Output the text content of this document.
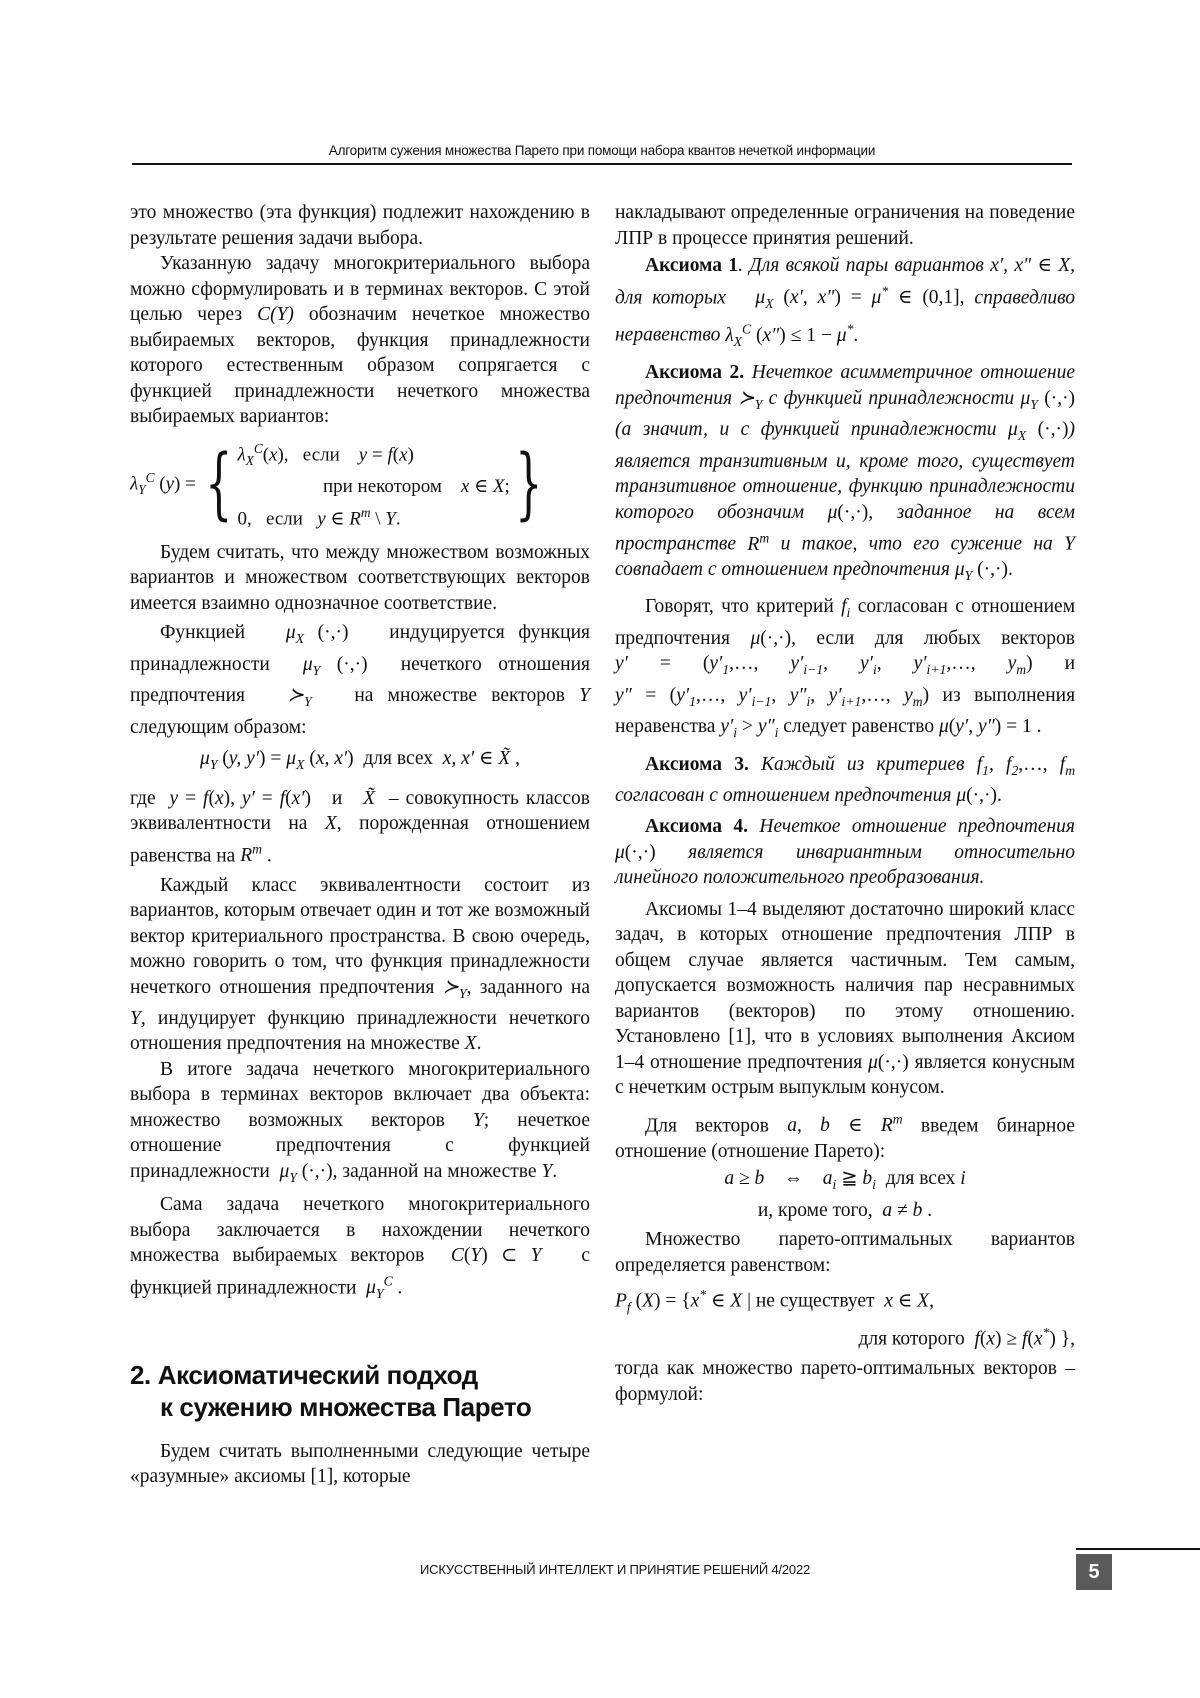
Алгоритм сужения множества Парето при помощи набора квантов нечеткой информации

это множество (эта функция) подлежит нахождению в результате решения задачи выбора.

Указанную задачу многокритериального выбора можно сформулировать и в терминах векторов. С этой целью через C(Y) обозначим нечеткое множество выбираемых векторов, функция принадлежности которого естественным образом сопрягается с функцией принадлежности нечеткого множества выбираемых вариантов:

$\lambda_Y^C$ (y) = { $\lambda_X^C(x)$,   если    y = f(x)
при некотором    x ∈ X;
0, если   y ∈ $R^m$ \ Y.	}

Будем считать, что между множеством возможных вариантов и множеством соответствующих векторов имеется взаимно однозначное соответствие.

Функцией $\mu_X$ (·,·) индуцируется функция принадлежности $\mu_Y$ (·,·) нечеткого отношения предпочтения $≻_Y$ на множестве векторов Y следующим образом:

$\mu_Y$ (y, $y') = \mu_X$ (x, x′) для всех  x, x′ ∈ X̃ ,

где y = f(x), y′ = f(x′) и X̃ – совокупность классов эквивалентности на X, порожденная отношением равенства на $R^m$ .

Каждый класс эквивалентности состоит из вариантов, которым отвечает один и тот же возможный вектор критериального пространства. В свою очередь, можно говорить о том, что функция принадлежности нечеткого отношения предпочтения $≻_Y$, заданного на Y, индуцирует функцию принадлежности нечеткого отношения предпочтения на множестве X.

В итоге задача нечеткого многокритериального выбора в терминах векторов включает два объекта: множество возможных векторов Y; нечеткое отношение предпочтения с функцией принадлежности $\mu_Y$ (·,·), заданной на множестве Y.

Сама задача нечеткого многокритериального выбора заключается в нахождении нечеткого множества выбираемых векторов C(Y) ⊂ Y с функцией принадлежности $\mu_Y^C$ .

2. Аксиоматический подход
к сужению множества Парето

Будем считать выполненными следующие четыре «разумные» аксиомы [1], которые

накладывают определенные ограничения на поведение ЛПР в процессе принятия решений.

Аксиома 1. Для всякой пары вариантов x′, x″ ∈ X, для которых $\mu_X$ (x′, x″) = μ* ∈ (0,1], справедливо неравенство $\lambda_X^C$ (x″) ≤ 1 − μ*.

Аксиома 2. Нечеткое асимметричное отношение предпочтения $≻_Y$ с функцией принадлежности $\mu_Y$ (·,·) (а значит, и с функцией принадлежности $\mu_X$ (·,·)) является транзитивным и, кроме того, существует транзитивное отношение, функцию принадлежности которого обозначим μ(·,·), заданное на всем пространстве $R^m$ и такое, что его сужение на Y совпадает с отношением предпочтения $\mu_Y$ (·,·).

Говорят, что критерий $f_i$ согласован с отношением предпочтения μ(·,·), если для любых векторов $y' = (y'_1,\dots$, $y'_{i-1}$, $y'_i$, $y'_{i+1},\dots$, $y_m$) и $y'' = (y'_1,\dots$, $y'_{i-1}$, $y''_i$, $y'_{i+1},\dots$, $y_m$) из выполнения неравенства $y'_i > y''_i$ следует равенство μ(y′, y″) = 1 .

Аксиома 3. Каждый из критериев $f_1$, $f_2,\dots$, $f_m$ согласован с отношением предпочтения μ(·,·).

Аксиома 4. Нечеткое отношение предпочтения μ(·,·) является инвариантным относительно линейного положительного преобразования.

Аксиомы 1–4 выделяют достаточно широкий класс задач, в которых отношение предпочтения ЛПР в общем случае является частичным. Тем самым, допускается возможность наличия пар несравнимых вариантов (векторов) по этому отношению. Установлено [1], что в условиях выполнения Аксиом 1–4 отношение предпочтения μ(·,·) является конусным с нечетким острым выпуклым конусом.

Для векторов a, b ∈ $R^m$ введем бинарное отношение (отношение Парето):

a ≥ b    ⇔    $a_i$ ≧ $b_i$ для всех i
и, кроме того,  a ≠ b .

Множество парето-оптимальных вариантов определяется равенством:

$P_f$ (X) = {x* ∈ X | не существует  x ∈ X,
для которого  f(x) ≥ f(x*) },

тогда как множество парето-оптимальных векторов – формулой:

ИСКУССТВЕННЫЙ ИНТЕЛЛЕКТ И ПРИНЯТИЕ РЕШЕНИЙ 4/2022	5
